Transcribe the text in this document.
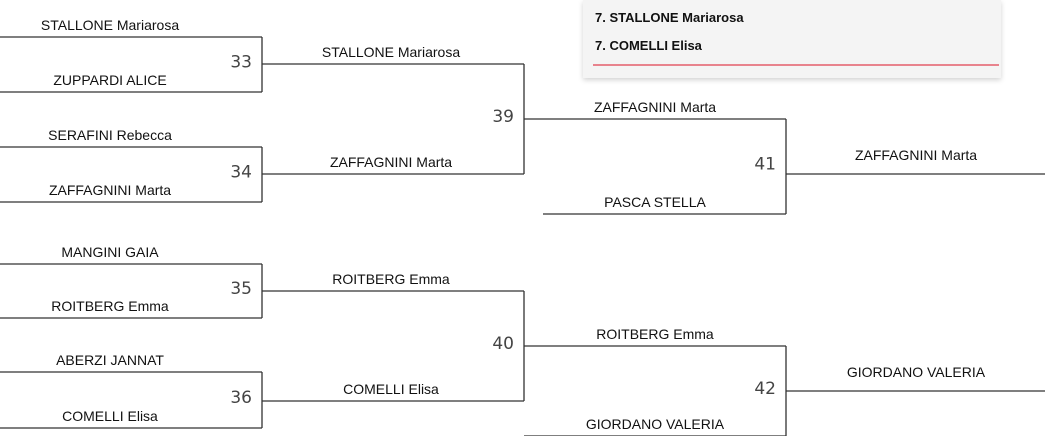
STALLONE Mariarosa
ZUPPARDI ALICE
33
SERAFINI Rebecca
ZAFFAGNINI Marta
34
MANGINI GAIA
ROITBERG Emma
35
ABERZI JANNAT
COMELLI Elisa
36
STALLONE Mariarosa
ZAFFAGNINI Marta
39
ROITBERG Emma
COMELLI Elisa
40
ZAFFAGNINI Marta
PASCA STELLA
41
ROITBERG Emma
GIORDANO VALERIA
42
ZAFFAGNINI Marta
GIORDANO VALERIA
7. STALLONE Mariarosa
7. COMELLI Elisa
